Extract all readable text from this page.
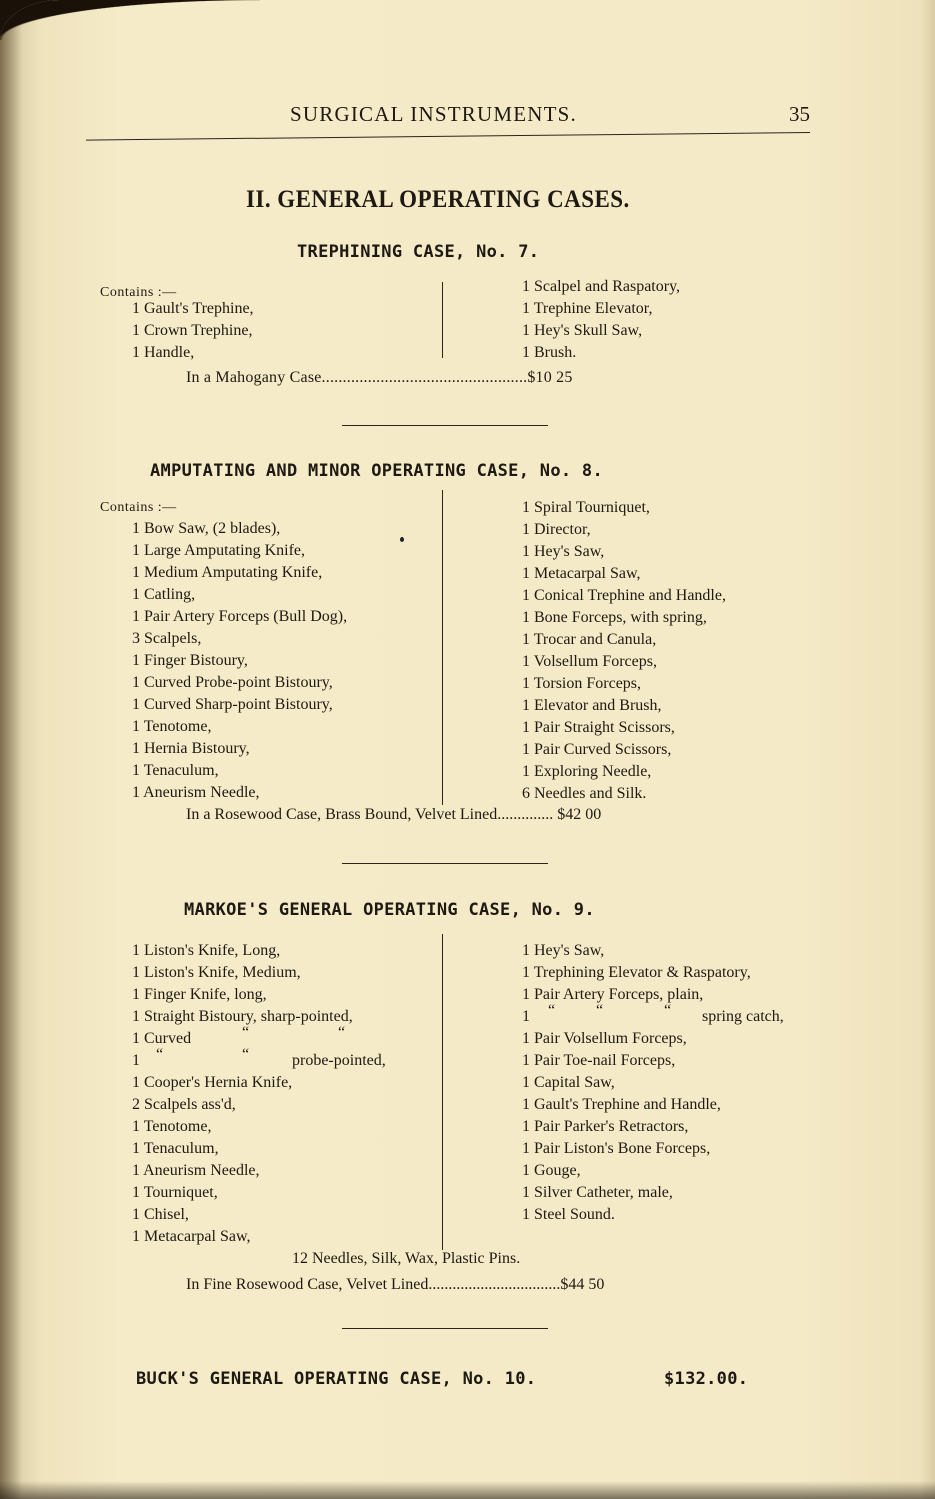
SURGICAL INSTRUMENTS.	35
II. GENERAL OPERATING CASES.
TREPHINING CASE, No. 7.
Contains :—
1 Gault's Trephine,
1 Crown Trephine,
1 Handle,
1 Scalpel and Raspatory,
1 Trephine Elevator,
1 Hey's Skull Saw,
1 Brush.
In a Mahogany Case.................................................$10 25
AMPUTATING AND MINOR OPERATING CASE, No. 8.
Contains :—
1 Bow Saw, (2 blades),
1 Large Amputating Knife,
1 Medium Amputating Knife,
1 Catling,
1 Pair Artery Forceps (Bull Dog),
3 Scalpels,
1 Finger Bistoury,
1 Curved Probe-point Bistoury,
1 Curved Sharp-point Bistoury,
1 Tenotome,
1 Hernia Bistoury,
1 Tenaculum,
1 Aneurism Needle,
1 Spiral Tourniquet,
1 Director,
1 Hey's Saw,
1 Metacarpal Saw,
1 Conical Trephine and Handle,
1 Bone Forceps, with spring,
1 Trocar and Canula,
1 Volsellum Forceps,
1 Torsion Forceps,
1 Elevator and Brush,
1 Pair Straight Scissors,
1 Pair Curved Scissors,
1 Exploring Needle,
6 Needles and Silk.
In a Rosewood Case, Brass Bound, Velvet Lined.............. $42 00
MARKOE'S GENERAL OPERATING CASE, No. 9.
1 Liston's Knife, Long,
1 Liston's Knife, Medium,
1 Finger Knife, long,
1 Straight Bistoury, sharp-pointed,
1 Curved	“	“
1 “	“	probe-pointed,
1 Cooper's Hernia Knife,
2 Scalpels ass'd,
1 Tenotome,
1 Tenaculum,
1 Aneurism Needle,
1 Tourniquet,
1 Chisel,
1 Metacarpal Saw,
1 Hey's Saw,
1 Trephining Elevator & Raspatory,
1 Pair Artery Forceps, plain,
1 “	“	“ spring catch,
1 Pair Volsellum Forceps,
1 Pair Toe-nail Forceps,
1 Capital Saw,
1 Gault's Trephine and Handle,
1 Pair Parker's Retractors,
1 Pair Liston's Bone Forceps,
1 Gouge,
1 Silver Catheter, male,
1 Steel Sound.
12 Needles, Silk, Wax, Plastic Pins.
In Fine Rosewood Case, Velvet Lined.................................$44 50
BUCK'S GENERAL OPERATING CASE, No. 10.	$132.00.
